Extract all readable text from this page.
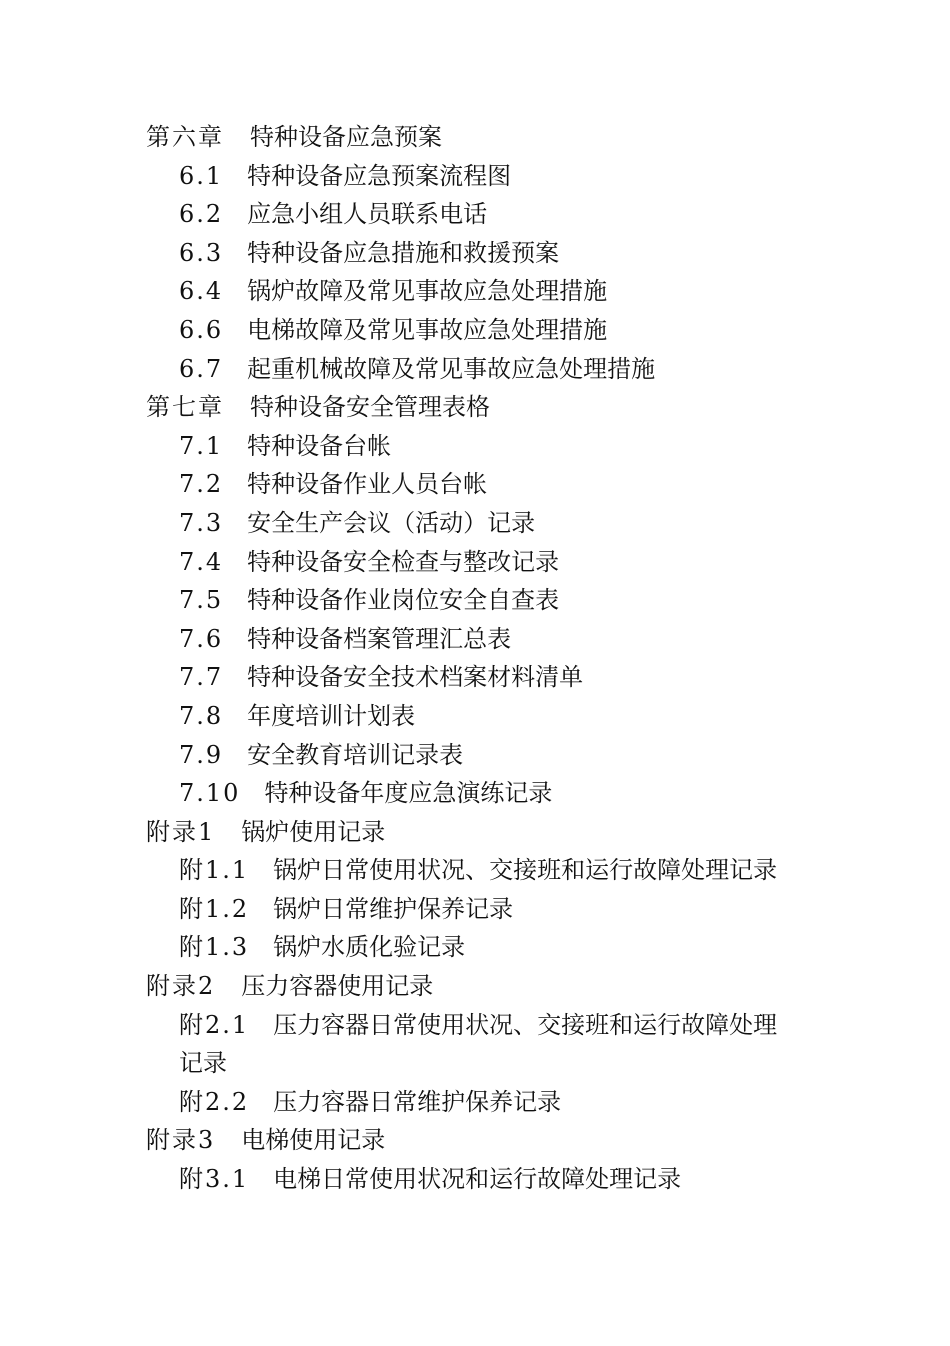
第六章 特种设备应急预案
6.1 特种设备应急预案流程图
6.2 应急小组人员联系电话
6.3 特种设备应急措施和救援预案
6.4 锅炉故障及常见事故应急处理措施
6.6 电梯故障及常见事故应急处理措施
6.7 起重机械故障及常见事故应急处理措施
第七章 特种设备安全管理表格
7.1 特种设备台帐
7.2 特种设备作业人员台帐
7.3 安全生产会议（活动）记录
7.4 特种设备安全检查与整改记录
7.5 特种设备作业岗位安全自查表
7.6 特种设备档案管理汇总表
7.7 特种设备安全技术档案材料清单
7.8 年度培训计划表
7.9 安全教育培训记录表
7.10 特种设备年度应急演练记录
附录1 锅炉使用记录
附1.1 锅炉日常使用状况、交接班和运行故障处理记录
附1.2 锅炉日常维护保养记录
附1.3 锅炉水质化验记录
附录2 压力容器使用记录
附2.1 压力容器日常使用状况、交接班和运行故障处理
记录
附2.2 压力容器日常维护保养记录
附录3 电梯使用记录
附3.1 电梯日常使用状况和运行故障处理记录
